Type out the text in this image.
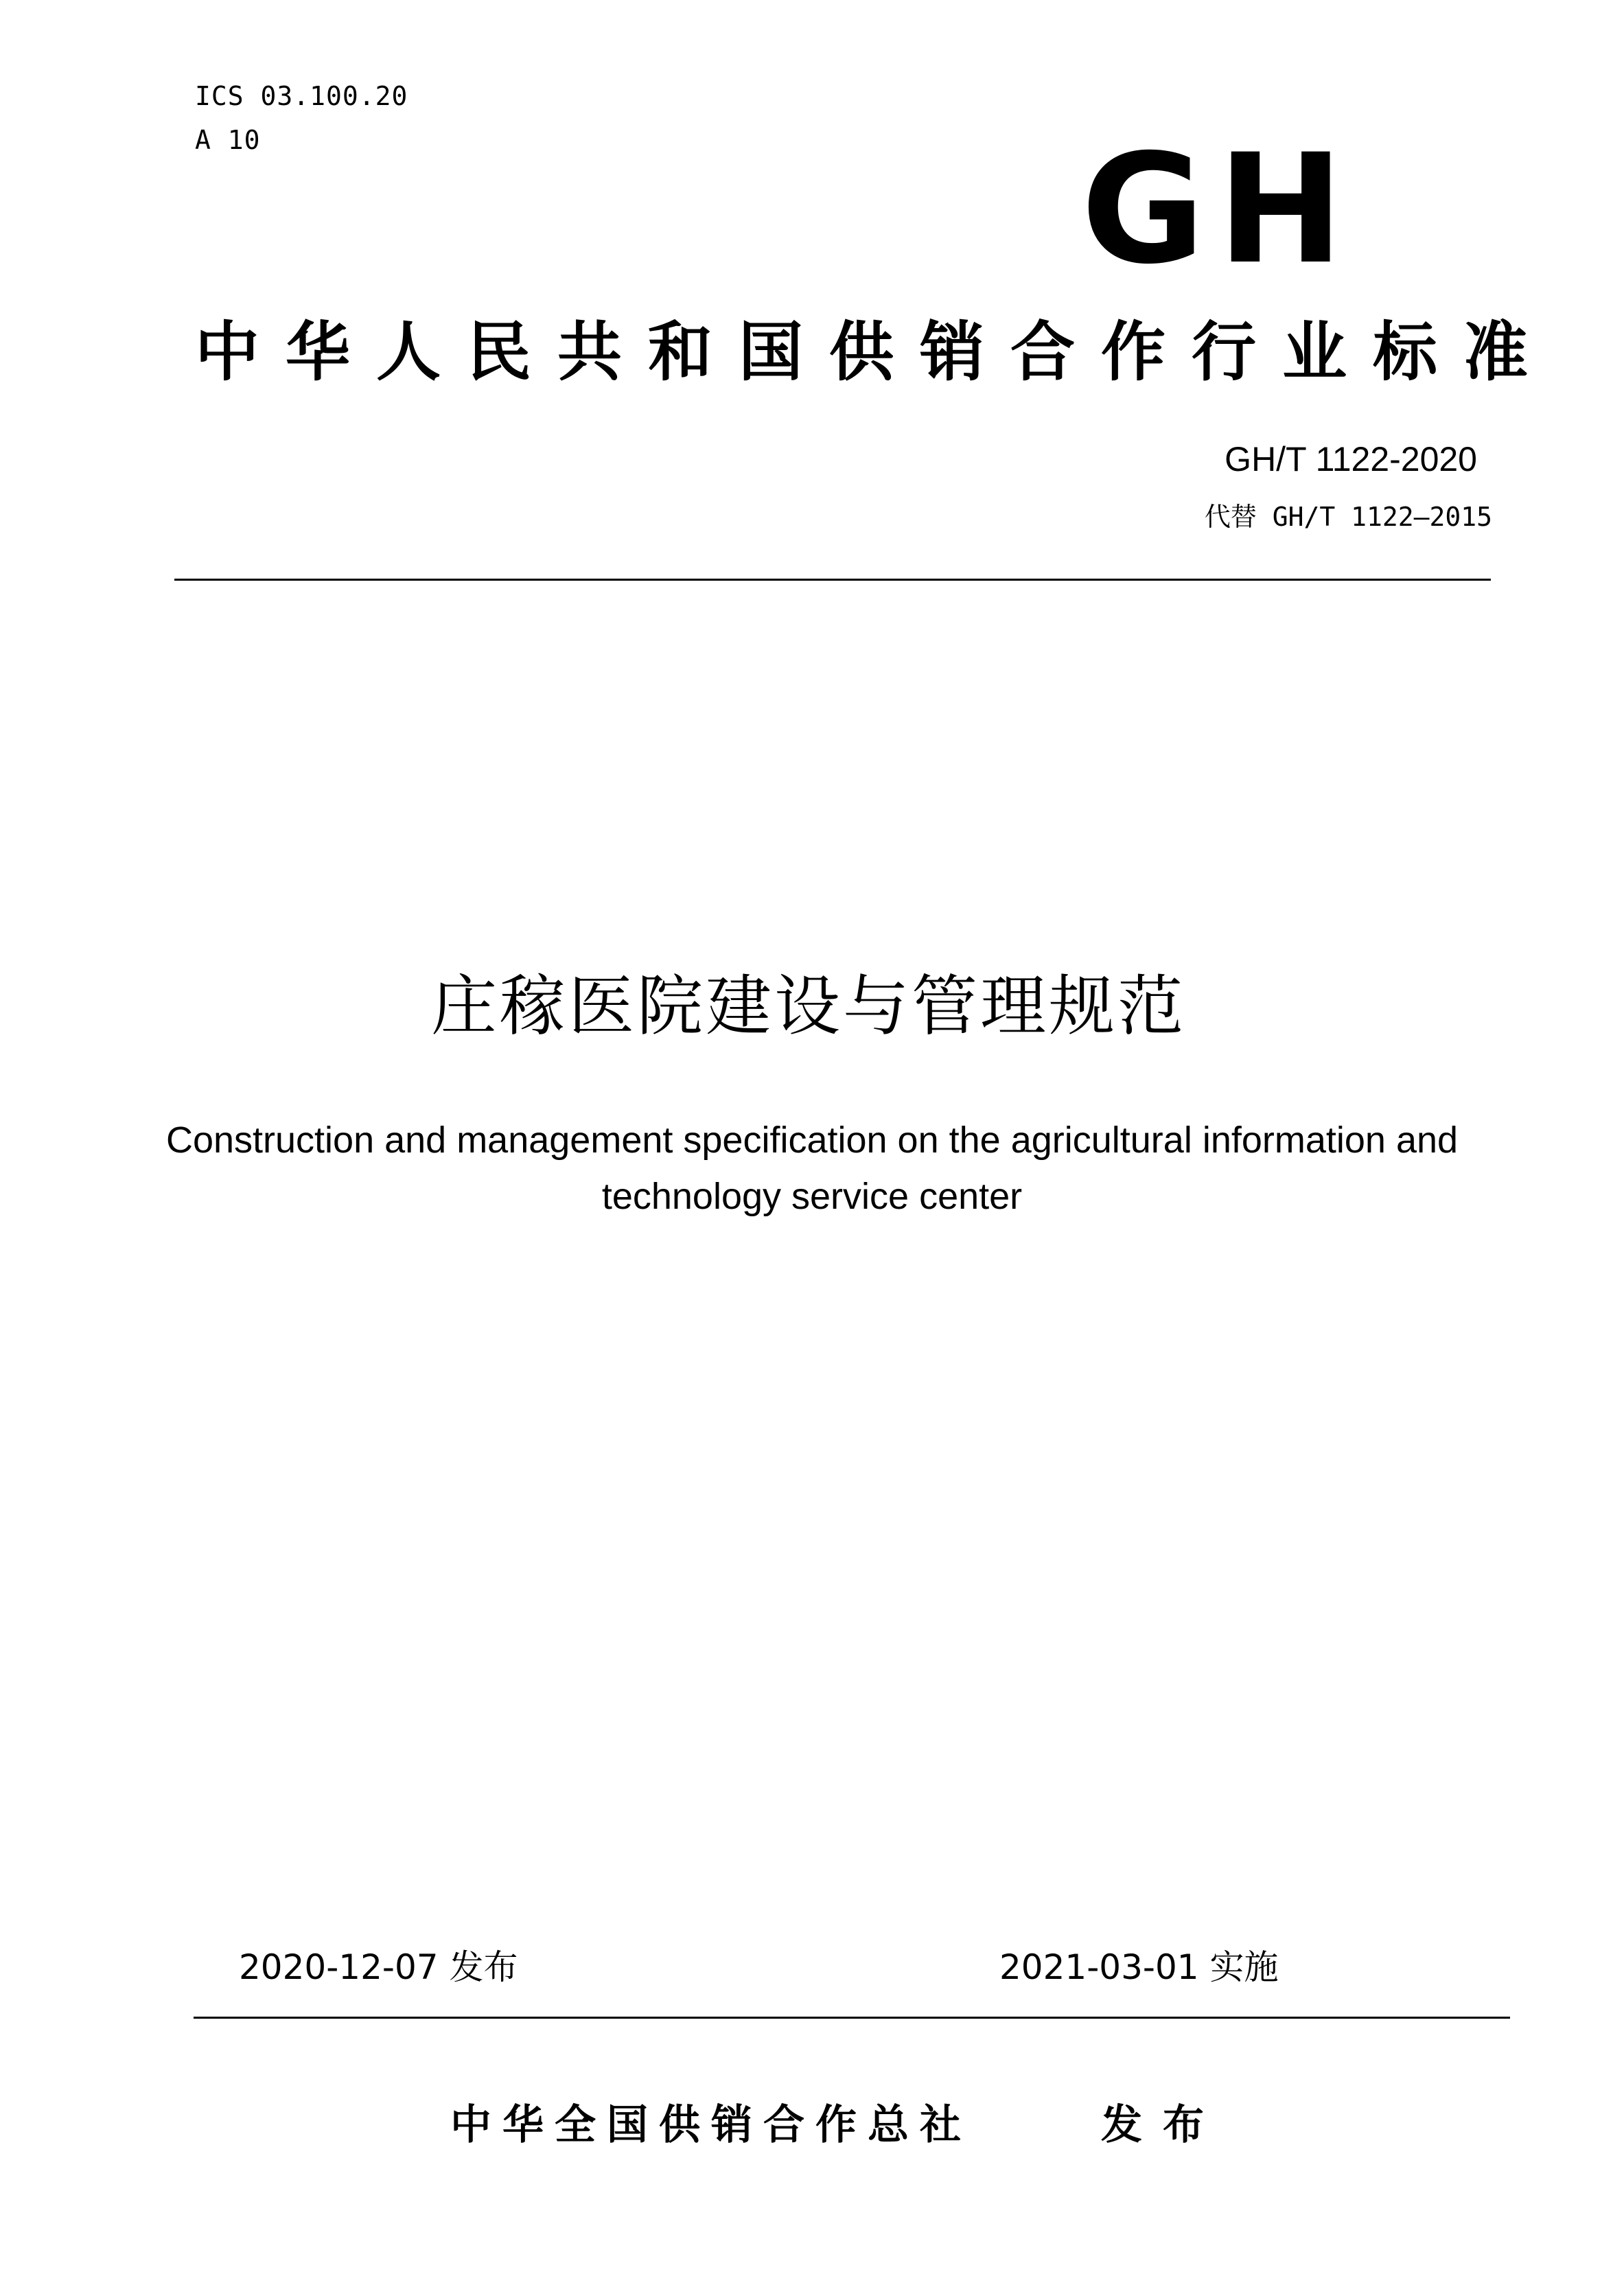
ICS 03.100.20
A 10	GH
中华人民共和国供销合作行业标准
GH/T 1122-2020
代替 GH/T 1122—2015
庄稼医院建设与管理规范
Construction and management specification on the agricultural information and
technology service center
2020-12-07 发布	2021-03-01 实施
中华全国供销合作总社	发布
